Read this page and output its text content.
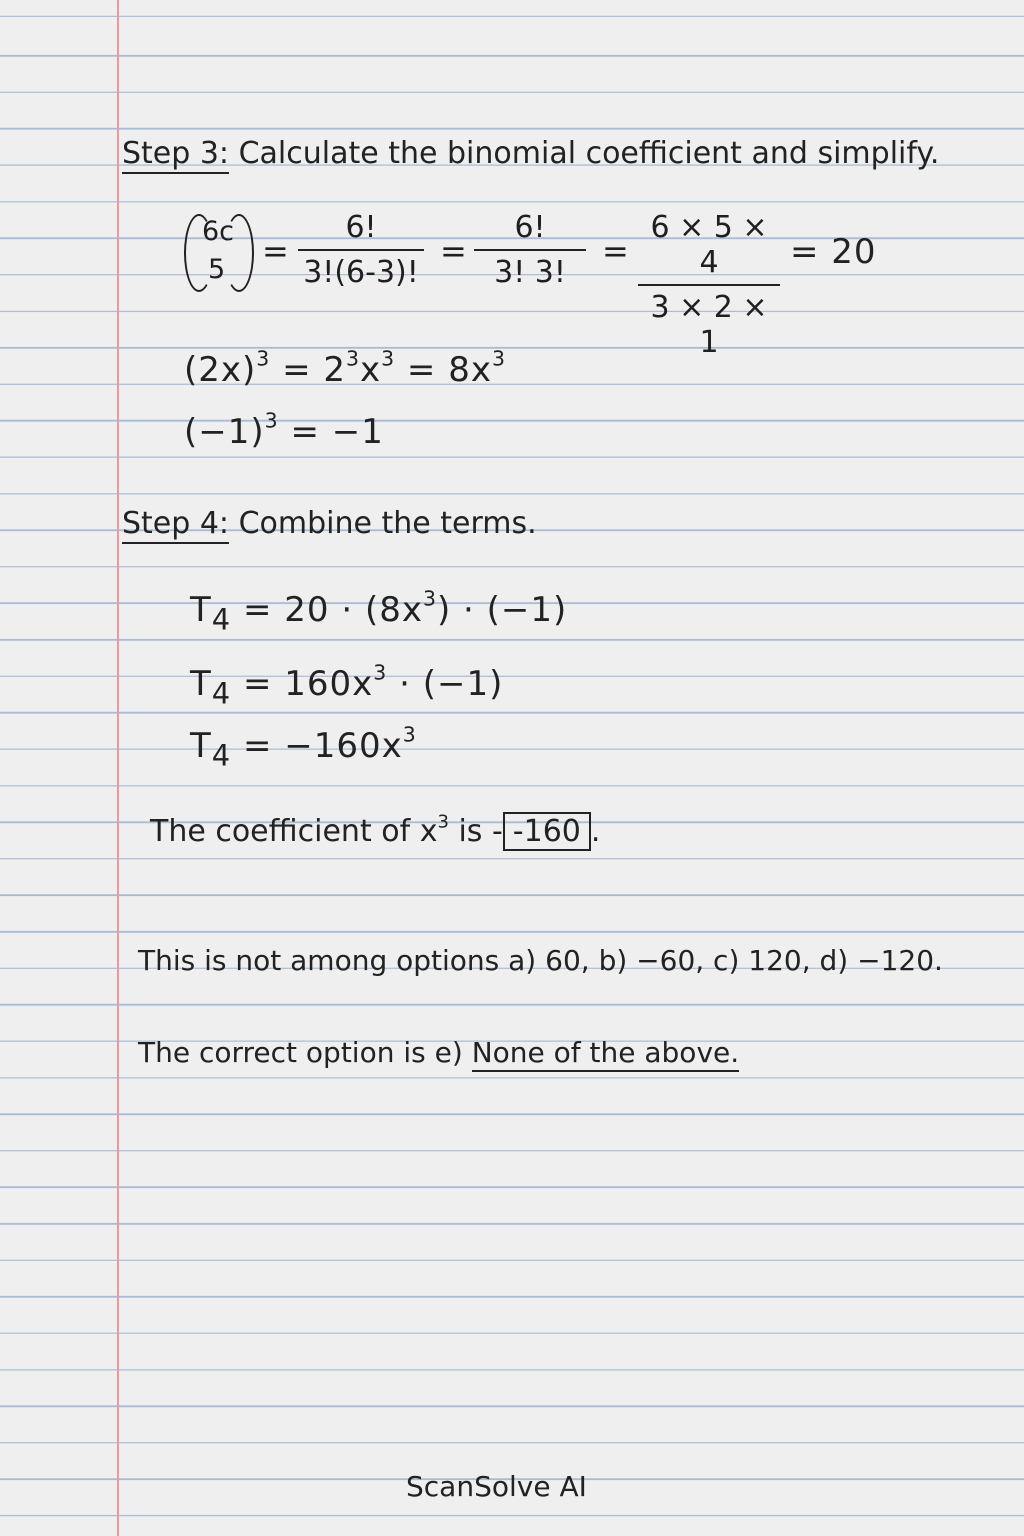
Step 3: Calculate the binomial coefficient and simplify.
6c
5 =
6!
3!(6-3)!
=
6!
3! 3!
=
6 × 5 × 4
3 × 2 × 1
= 20
$(2x)^3 = 2^3x^3 = 8x^3$
$(-1)^3 = -1$
Step 4: Combine the terms.
$T_4 = 20 \cdot (8x^3) \cdot (-1)$
$T_4 = 160x^3 \cdot (-1)$
$T_4 = -160x^3$
The coefficient of $x^3$ is - -160 .
This is not among options a) 60, b) −60, c) 120, d) −120.
The correct option is e) None of the above.
ScanSolve AI
